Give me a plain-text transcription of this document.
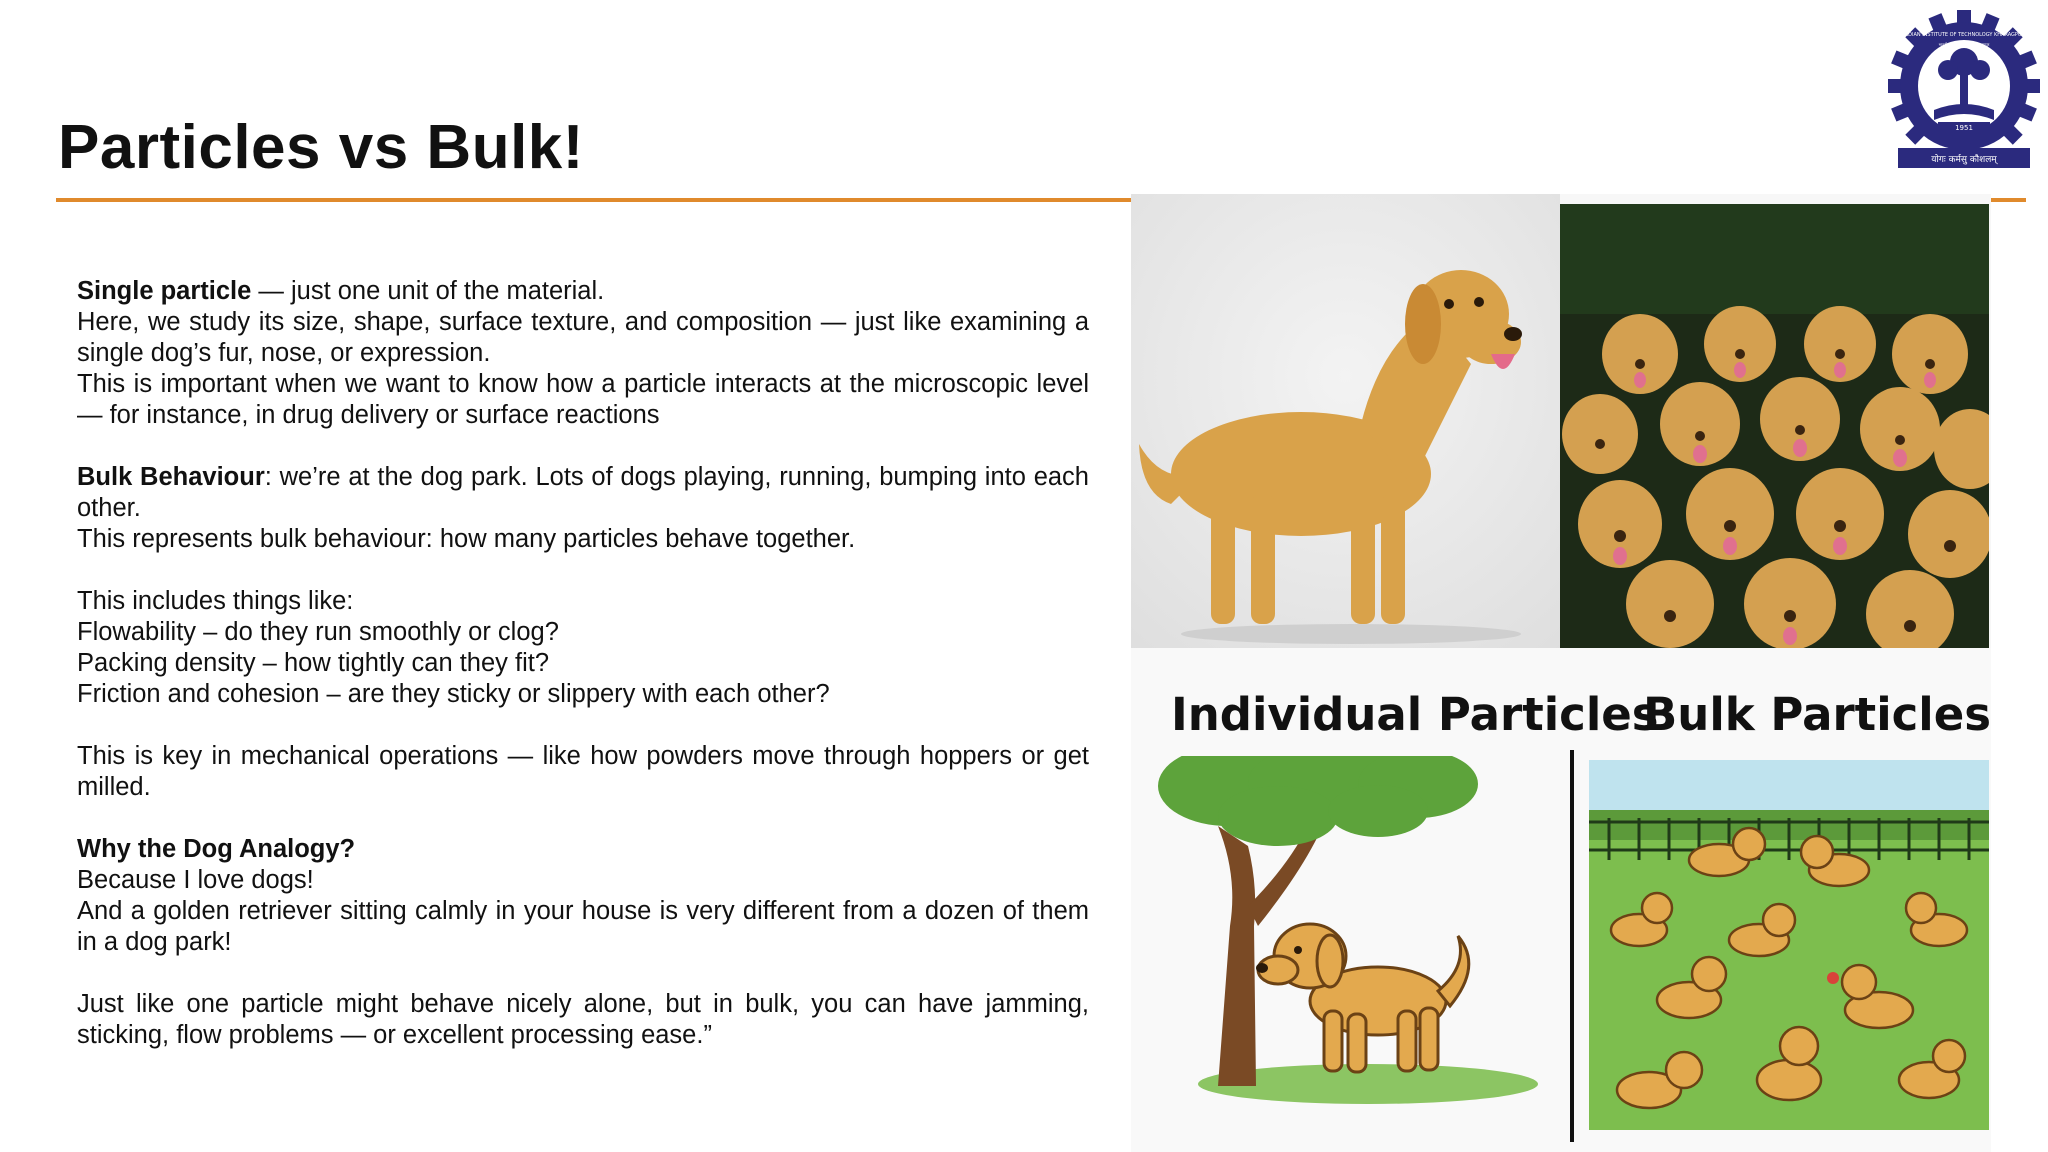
Particles vs Bulk!	1951
योगः कर्मसु कौशलम्
INDIAN INSTITUTE OF TECHNOLOGY KHARAGPUR
भारतीय प्रौद्योगिकी संस्थान खड़गपुर

Single particle — just one unit of the material.
Here, we study its size, shape, surface texture, and composition — just like examining a single dog’s fur, nose, or expression.
This is important when we want to know how a particle interacts at the microscopic level — for instance, in drug delivery or surface reactions

Bulk Behaviour: we’re at the dog park. Lots of dogs playing, running, bumping into each other.
This represents bulk behaviour: how many particles behave together.

This includes things like:
Flowability – do they run smoothly or clog?
Packing density – how tightly can they fit?
Friction and cohesion – are they sticky or slippery with each other?

This is key in mechanical operations — like how powders move through hoppers or get milled.

Why the Dog Analogy?
Because I love dogs!
And a golden retriever sitting calmly in your house is very different from a dozen of them in a dog park!

Just like one particle might behave nicely alone, but in bulk, you can have jamming, sticking, flow problems — or excellent processing ease.”

Individual Particles
Bulk Particles
